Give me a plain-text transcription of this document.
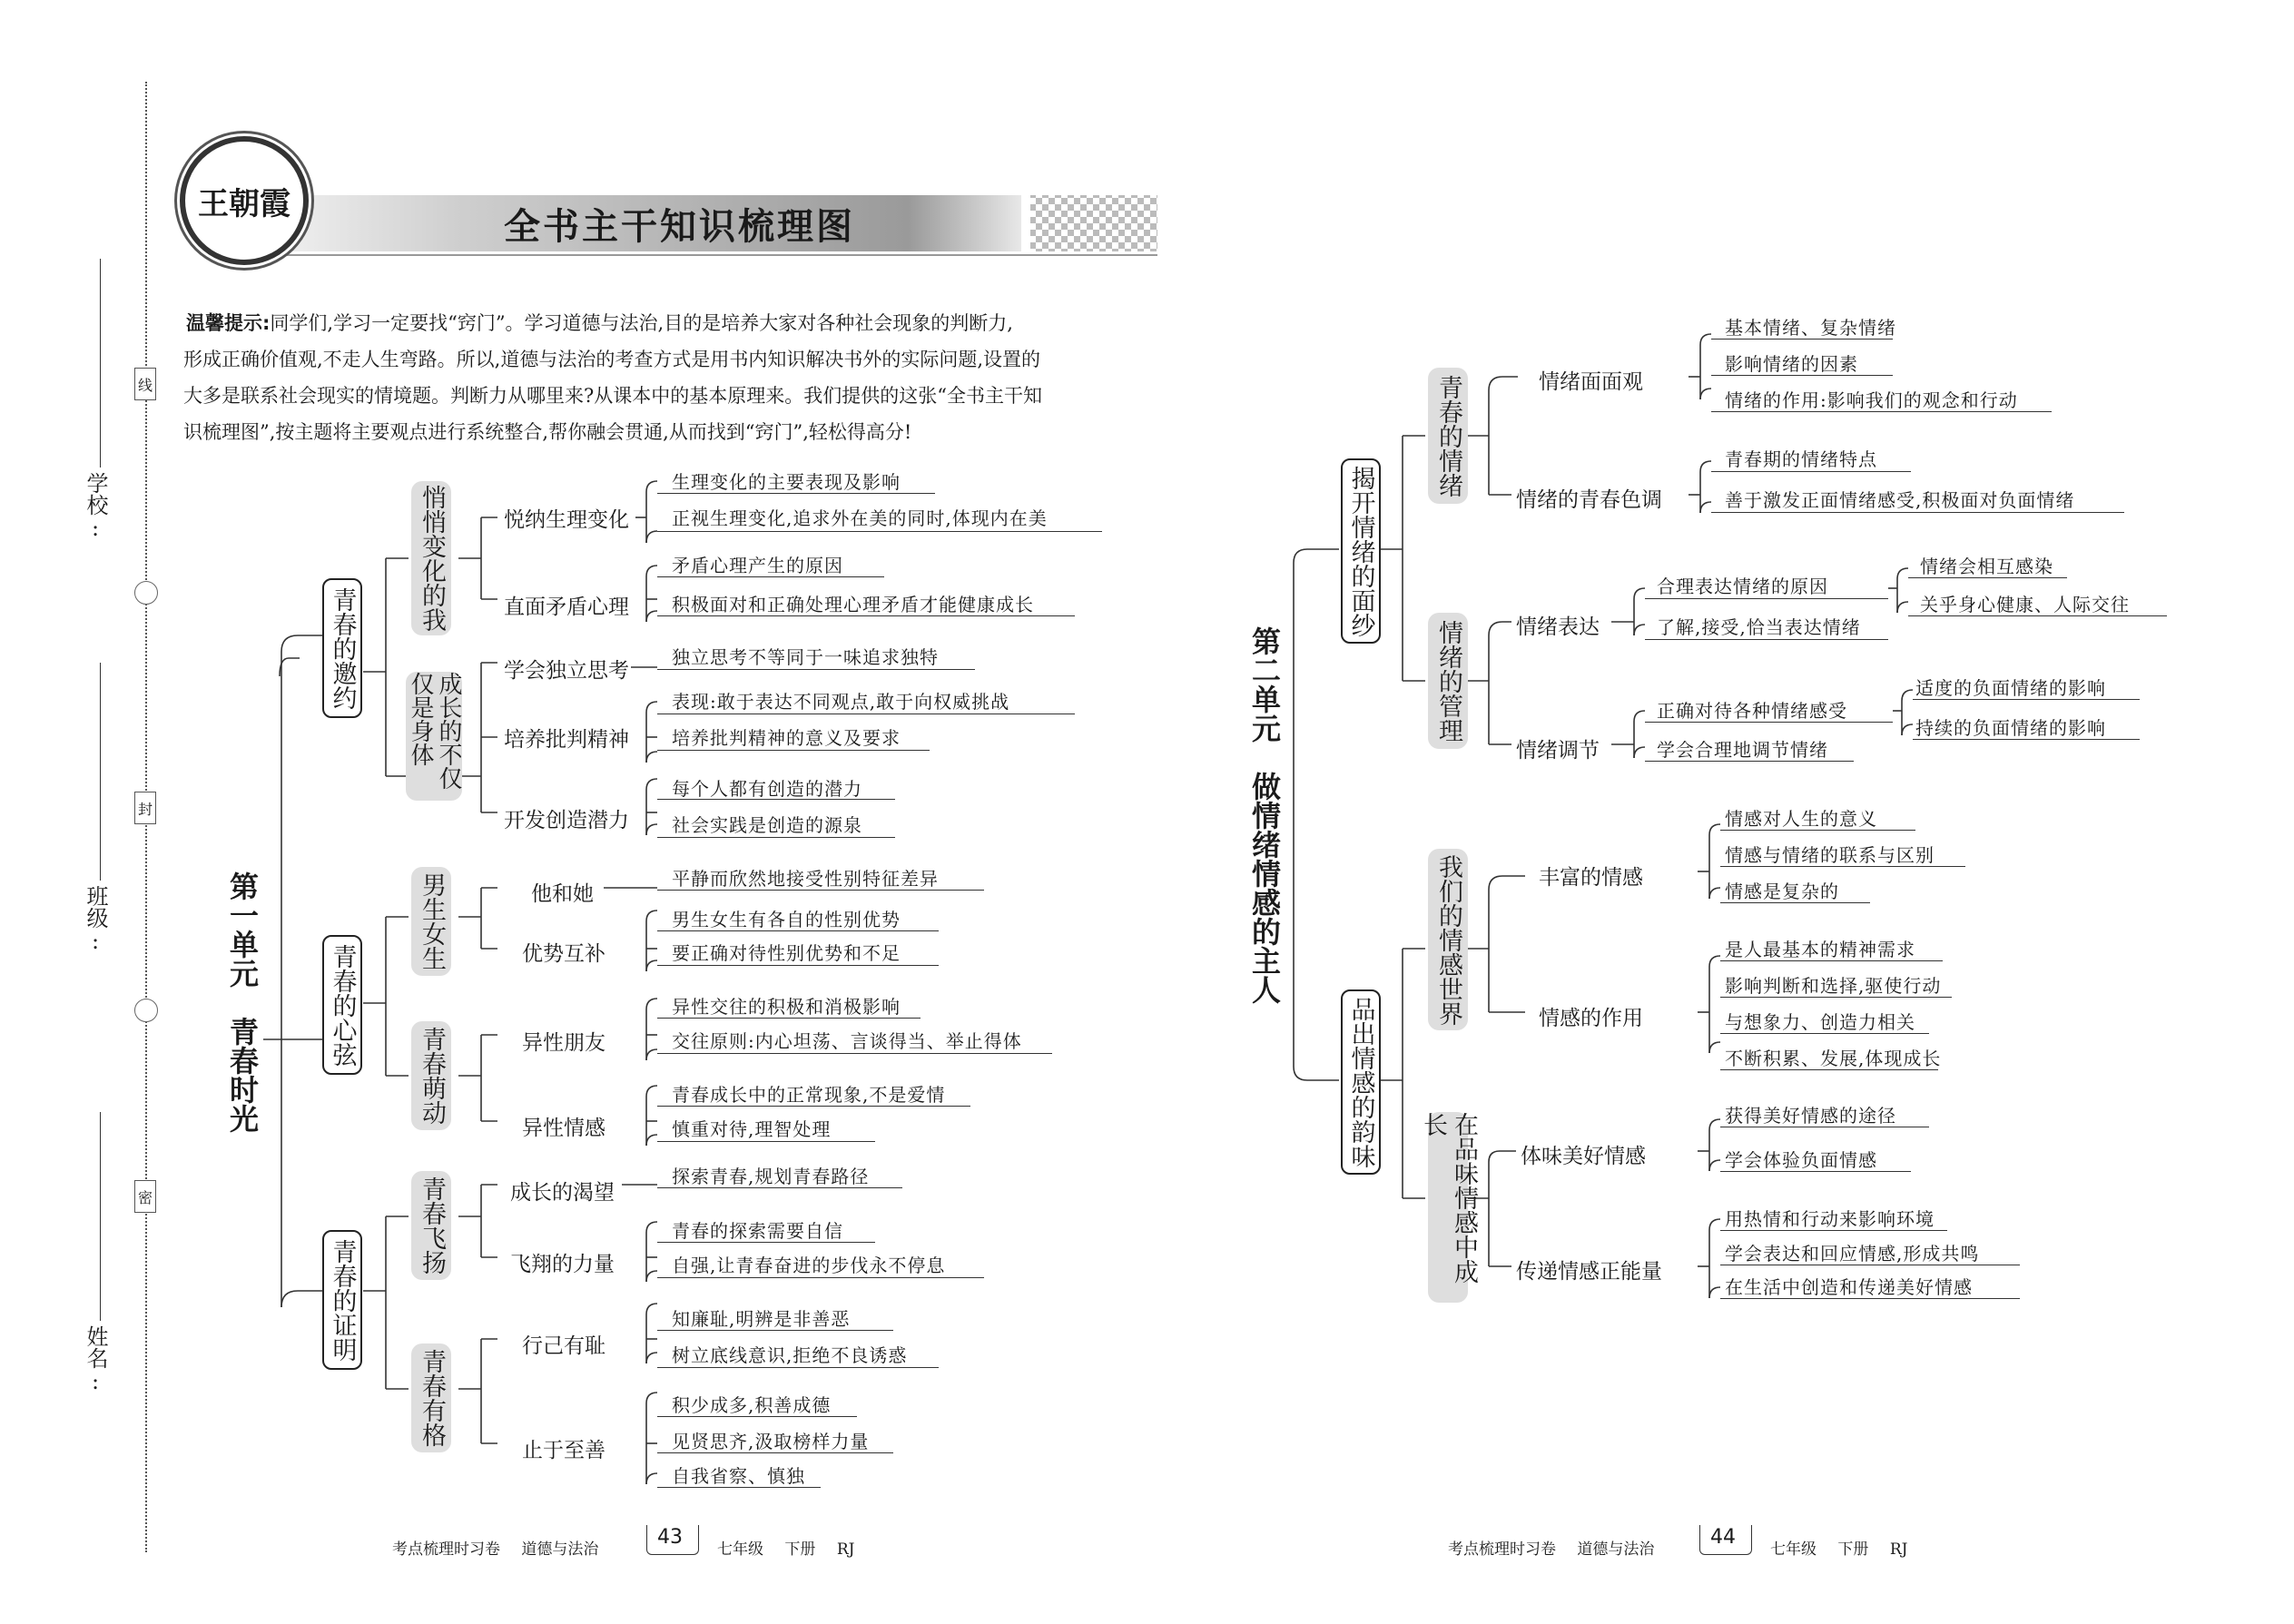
线
封
密
学校:
班级:
姓名:
王朝霞
全书主干知识梳理图
温馨提示:同学们,学习一定要找“窍门”。学习道德与法治,目的是培养大家对各种社会现象的判断力,
形成正确价值观,不走人生弯路。所以,道德与法治的考查方式是用书内知识解决书外的实际问题,设置的
大多是联系社会现实的情境题。判断力从哪里来?从课本中的基本原理来。我们提供的这张“全书主干知
识梳理图”,按主题将主要观点进行系统整合,帮你融会贯通,从而找到“窍门”,轻松得高分!
第一单元　青春时光
青春的邀约
青春的心弦
青春的证明
悄悄变化的我
成长的不仅仅是身体
男生女生
青春萌动
青春飞扬
青春有格
悦纳生理变化
直面矛盾心理
学会独立思考
培养批判精神
开发创造潜力
他和她
优势互补
异性朋友
异性情感
成长的渴望
飞翔的力量
行己有耻
止于至善
生理变化的主要表现及影响
正视生理变化,追求外在美的同时,体现内在美
矛盾心理产生的原因
积极面对和正确处理心理矛盾才能健康成长
独立思考不等同于一味追求独特
表现:敢于表达不同观点,敢于向权威挑战
培养批判精神的意义及要求
每个人都有创造的潜力
社会实践是创造的源泉
平静而欣然地接受性别特征差异
男生女生有各自的性别优势
要正确对待性别优势和不足
异性交往的积极和消极影响
交往原则:内心坦荡、言谈得当、举止得体
青春成长中的正常现象,不是爱情
慎重对待,理智处理
探索青春,规划青春路径
青春的探索需要自信
自强,让青春奋进的步伐永不停息
知廉耻,明辨是非善恶
树立底线意识,拒绝不良诱惑
积少成多,积善成德
见贤思齐,汲取榜样力量
自我省察、慎独
第二单元　做情绪情感的主人
揭开情绪的面纱
品出情感的韵味
青春的情绪
情绪的管理
我们的情感世界
在品味情感中成长
情绪面面观
情绪的青春色调
情绪表达
情绪调节
丰富的情感
情感的作用
体味美好情感
传递情感正能量
基本情绪、复杂情绪
影响情绪的因素
情绪的作用:影响我们的观念和行动
青春期的情绪特点
善于激发正面情绪感受,积极面对负面情绪
合理表达情绪的原因
了解,接受,恰当表达情绪
情绪会相互感染
关乎身心健康、人际交往
正确对待各种情绪感受
学会合理地调节情绪
适度的负面情绪的影响
持续的负面情绪的影响
情感对人生的意义
情感与情绪的联系与区别
情感是复杂的
是人最基本的精神需求
影响判断和选择,驱使行动
与想象力、创造力相关
不断积累、发展,体现成长
获得美好情感的途径
学会体验负面情感
用热情和行动来影响环境
学会表达和回应情感,形成共鸣
在生活中创造和传递美好情感
考点梳理时习卷 道德与法治
43
七年级 下册 RJ	考点梳理时习卷 道德与法治
44
七年级 下册 RJ
